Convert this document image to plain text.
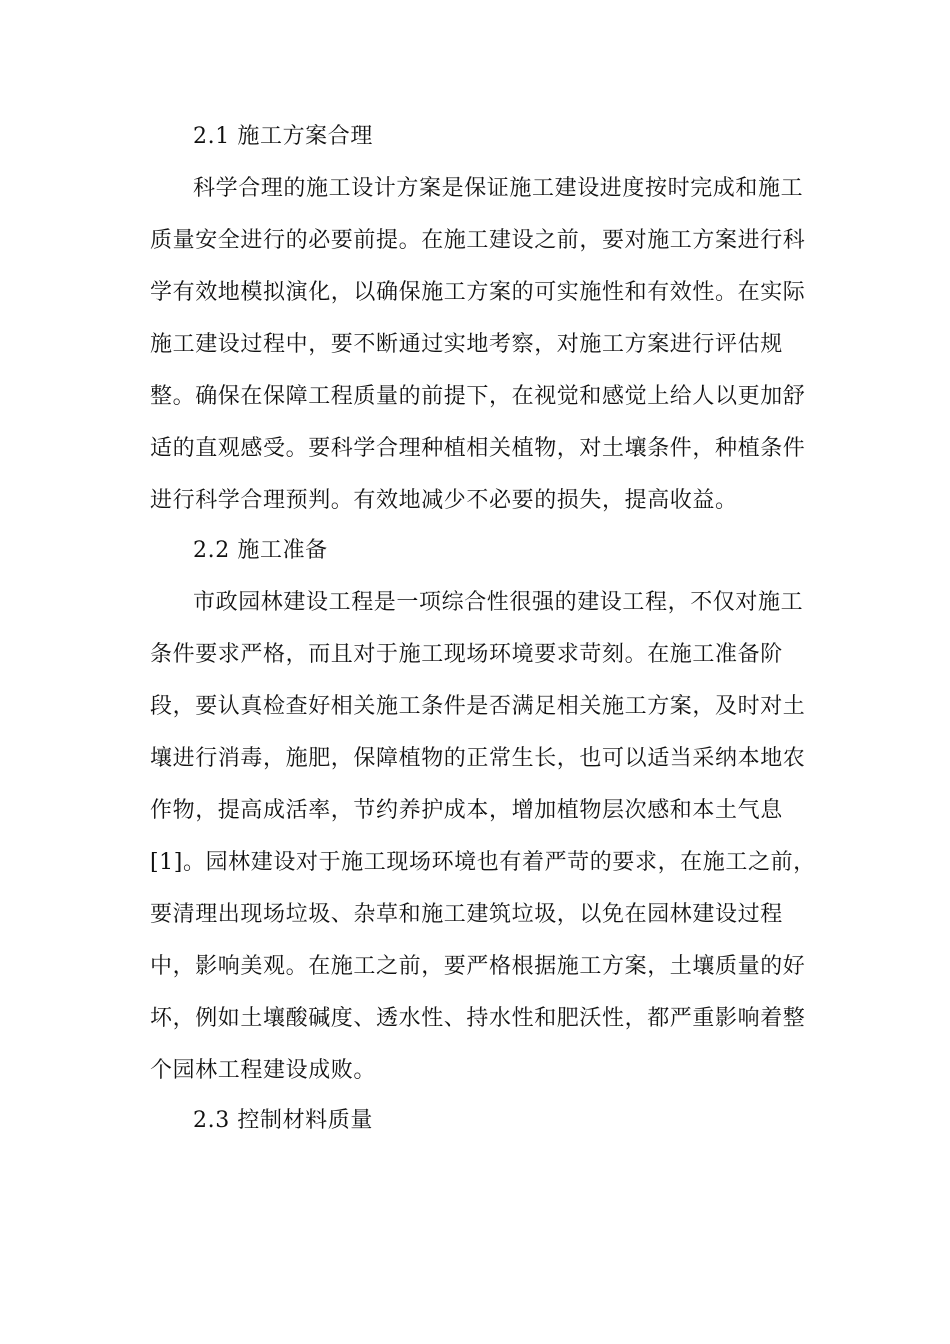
2.1 施工方案合理
科学合理的施工设计方案是保证施工建设进度按时完成和施工
质量安全进行的必要前提。在施工建设之前，要对施工方案进行科
学有效地模拟演化，以确保施工方案的可实施性和有效性。在实际
施工建设过程中，要不断通过实地考察，对施工方案进行评估规
整。确保在保障工程质量的前提下，在视觉和感觉上给人以更加舒
适的直观感受。要科学合理种植相关植物，对土壤条件，种植条件
进行科学合理预判。有效地减少不必要的损失，提高收益。
2.2 施工准备
市政园林建设工程是一项综合性很强的建设工程，不仅对施工
条件要求严格，而且对于施工现场环境要求苛刻。在施工准备阶
段，要认真检查好相关施工条件是否满足相关施工方案，及时对土
壤进行消毒，施肥，保障植物的正常生长，也可以适当采纳本地农
作物，提高成活率，节约养护成本，增加植物层次感和本土气息
[1]。园林建设对于施工现场环境也有着严苛的要求，在施工之前，
要清理出现场垃圾、杂草和施工建筑垃圾，以免在园林建设过程
中，影响美观。在施工之前，要严格根据施工方案，土壤质量的好
坏，例如土壤酸碱度、透水性、持水性和肥沃性，都严重影响着整
个园林工程建设成败。
2.3 控制材料质量
